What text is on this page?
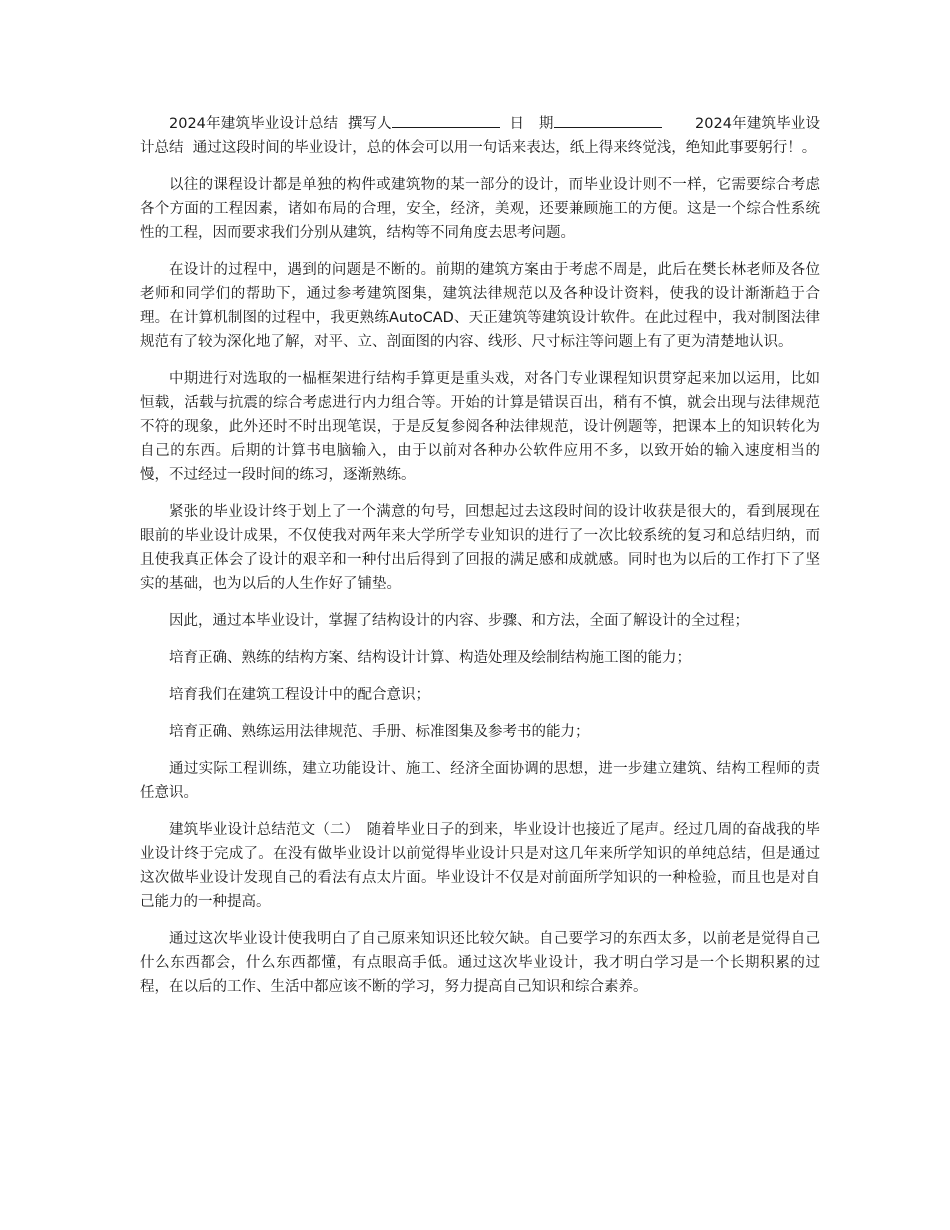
2024年建筑毕业设计总结 撰写人	日　期	2024年建筑毕业设计总结 通过这段时间的毕业设计，总的体会可以用一句话来表达，纸上得来终觉浅，绝知此事要躬行！。

以往的课程设计都是单独的构件或建筑物的某一部分的设计，而毕业设计则不一样，它需要综合考虑各个方面的工程因素，诸如布局的合理，安全，经济，美观，还要兼顾施工的方便。这是一个综合性系统性的工程，因而要求我们分别从建筑，结构等不同角度去思考问题。

在设计的过程中，遇到的问题是不断的。前期的建筑方案由于考虑不周是，此后在樊长林老师及各位老师和同学们的帮助下，通过参考建筑图集，建筑法律规范以及各种设计资料，使我的设计渐渐趋于合理。在计算机制图的过程中，我更熟练AutoCAD、天正建筑等建筑设计软件。在此过程中，我对制图法律规范有了较为深化地了解，对平、立、剖面图的内容、线形、尺寸标注等问题上有了更为清楚地认识。

中期进行对选取的一榀框架进行结构手算更是重头戏，对各门专业课程知识贯穿起来加以运用，比如恒载，活载与抗震的综合考虑进行内力组合等。开始的计算是错误百出，稍有不慎，就会出现与法律规范不符的现象，此外还时不时出现笔误，于是反复参阅各种法律规范，设计例题等，把课本上的知识转化为自己的东西。后期的计算书电脑输入，由于以前对各种办公软件应用不多，以致开始的输入速度相当的慢，不过经过一段时间的练习，逐渐熟练。

紧张的毕业设计终于划上了一个满意的句号，回想起过去这段时间的设计收获是很大的，看到展现在眼前的毕业设计成果，不仅使我对两年来大学所学专业知识的进行了一次比较系统的复习和总结归纳，而且使我真正体会了设计的艰辛和一种付出后得到了回报的满足感和成就感。同时也为以后的工作打下了坚实的基础，也为以后的人生作好了铺垫。

因此，通过本毕业设计，掌握了结构设计的内容、步骤、和方法，全面了解设计的全过程；

培育正确、熟练的结构方案、结构设计计算、构造处理及绘制结构施工图的能力；

培育我们在建筑工程设计中的配合意识；

培育正确、熟练运用法律规范、手册、标准图集及参考书的能力；

通过实际工程训练，建立功能设计、施工、经济全面协调的思想，进一步建立建筑、结构工程师的责任意识。

建筑毕业设计总结范文（二）　随着毕业日子的到来，毕业设计也接近了尾声。经过几周的奋战我的毕业设计终于完成了。在没有做毕业设计以前觉得毕业设计只是对这几年来所学知识的单纯总结，但是通过这次做毕业设计发现自己的看法有点太片面。毕业设计不仅是对前面所学知识的一种检验，而且也是对自己能力的一种提高。

通过这次毕业设计使我明白了自己原来知识还比较欠缺。自己要学习的东西太多，以前老是觉得自己什么东西都会，什么东西都懂，有点眼高手低。通过这次毕业设计，我才明白学习是一个长期积累的过程，在以后的工作、生活中都应该不断的学习，努力提高自己知识和综合素养。
